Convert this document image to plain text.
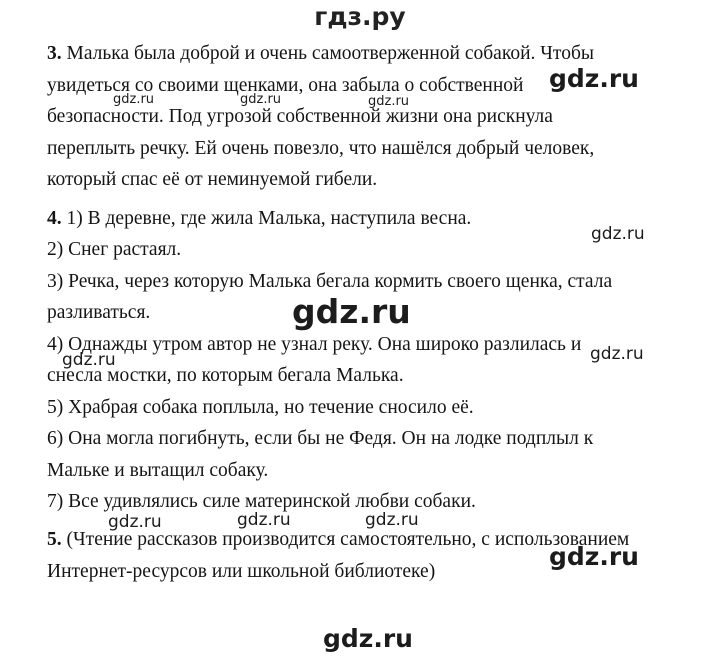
гдз.ру
3. Малька была доброй и очень самоотверженной собакой. Чтобы
увидеться со своими щенками, она забыла о собственной
безопасности. Под угрозой собственной жизни она рискнула
переплыть речку. Ей очень повезло, что нашёлся добрый человек,
который спас её от неминуемой гибели.
4. 1) В деревне, где жила Малька, наступила весна.
2) Снег растаял.
3) Речка, через которую Малька бегала кормить своего щенка, стала
разливаться.
4) Однажды утром автор не узнал реку. Она широко разлилась и
снесла мостки, по которым бегала Малька.
5) Храбрая собака поплыла, но течение сносило её.
6) Она могла погибнуть, если бы не Федя. Он на лодке подплыл к
Мальке и вытащил собаку.
7) Все удивлялись силе материнской любви собаки.
5. (Чтение рассказов производится самостоятельно, с использованием
Интернет-ресурсов или школьной библиотеке)
gdz.ru
gdz.ru	gdz.ru	gdz.ru
gdz.ru
gdz.ru
gdz.ru	gdz.ru
gdz.ru	gdz.ru	gdz.ru
gdz.ru
gdz.ru
